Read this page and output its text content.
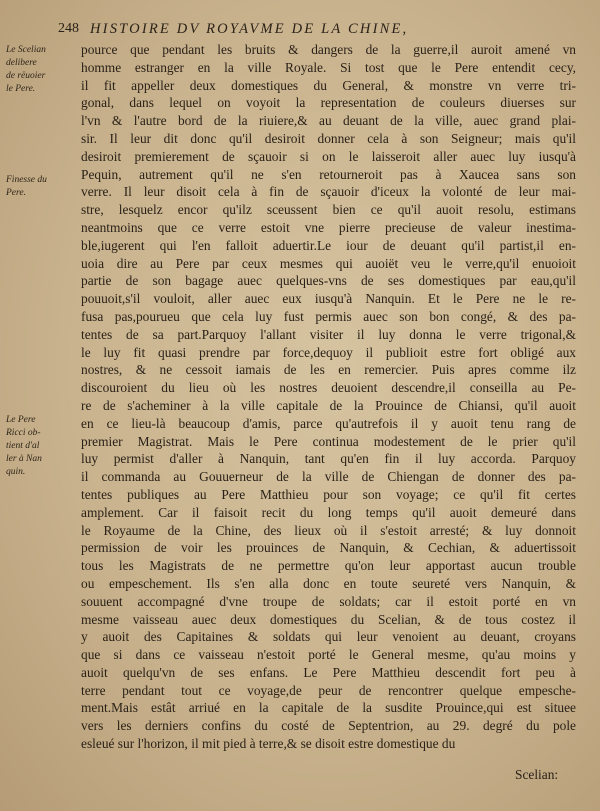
248 HISTOIRE DV ROYAVME DE LA CHINE,
Le Scelian
delibere
de rëuoier
le Pere.
Finesse du
Pere.
Le Pere
Ricci ob-
tient d'al
ler à Nan
quin.
pource que pendant les bruits & dangers de la guerre,il auroit amené vn
homme estranger en la ville Royale. Si tost que le Pere entendit cecy,
il fit appeller deux domestiques du General, & monstre vn verre tri-
gonal, dans lequel on voyoit la representation de couleurs diuerses sur
l'vn & l'autre bord de la riuiere,& au deuant de la ville, auec grand plai-
sir. Il leur dit donc qu'il desiroit donner cela à son Seigneur; mais qu'il
desiroit premierement de sçauoir si on le laisseroit aller auec luy iusqu'à
Pequin, autrement qu'il ne s'en retourneroit pas à Xaucea sans son
verre. Il leur disoit cela à fin de sçauoir d'iceux la volonté de leur mai-
stre, lesquelz encor qu'ilz sceussent bien ce qu'il auoit resolu, estimans
neantmoins que ce verre estoit vne pierre precieuse de valeur inestima-
ble,iugerent qui l'en falloit aduertir.Le iour de deuant qu'il partist,il en-
uoia dire au Pere par ceux mesmes qui auoiët veu le verre,qu'il enuoioit
partie de son bagage auec quelques-vns de ses domestiques par eau,qu'il
pouuoit,s'il vouloit, aller auec eux iusqu'à Nanquin. Et le Pere ne le re-
fusa pas,pourueu que cela luy fust permis auec son bon congé, & des pa-
tentes de sa part.Parquoy l'allant visiter il luy donna le verre trigonal,&
le luy fit quasi prendre par force,dequoy il publioit estre fort obligé aux
nostres, & ne cessoit iamais de les en remercier. Puis apres comme ilz
discouroient du lieu où les nostres deuoient descendre,il conseilla au Pe-
re de s'acheminer à la ville capitale de la Prouince de Chiansi, qu'il auoit
en ce lieu-là beaucoup d'amis, parce qu'autrefois il y auoit tenu rang de
premier Magistrat. Mais le Pere continua modestement de le prier qu'il
luy permist d'aller à Nanquin, tant qu'en fin il luy accorda. Parquoy
il commanda au Gouuerneur de la ville de Chiengan de donner des pa-
tentes publiques au Pere Matthieu pour son voyage; ce qu'il fit certes
amplement. Car il faisoit recit du long temps qu'il auoit demeuré dans
le Royaume de la Chine, des lieux où il s'estoit arresté; & luy donnoit
permission de voir les prouinces de Nanquin, & Cechian, & aduertissoit
tous les Magistrats de ne permettre qu'on leur apportast aucun trouble
ou empeschement. Ils s'en alla donc en toute seureté vers Nanquin, &
souuent accompagné d'vne troupe de soldats; car il estoit porté en vn
mesme vaisseau auec deux domestiques du Scelian, & de tous costez il
y auoit des Capitaines & soldats qui leur venoient au deuant, croyans
que si dans ce vaisseau n'estoit porté le General mesme, qu'au moins y
auoit quelqu'vn de ses enfans. Le Pere Matthieu descendit fort peu à
terre pendant tout ce voyage,de peur de rencontrer quelque empesche-
ment.Mais estât arriué en la capitale de la susdite Prouince,qui est situee
vers les derniers confins du costé de Septentrion, au 29. degré du pole
esleué sur l'horizon, il mit pied à terre,& se disoit estre domestique du
Scelian:
